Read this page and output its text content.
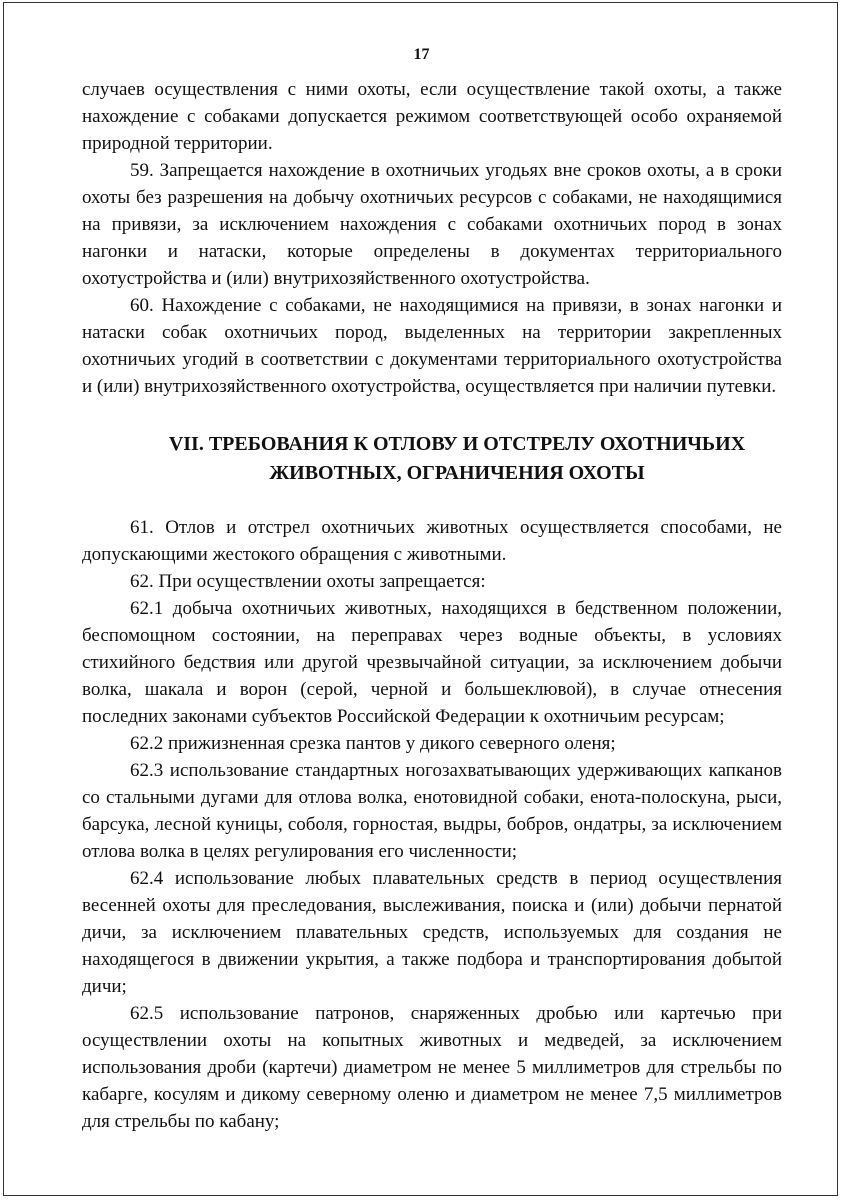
17

случаев осуществления с ними охоты, если осуществление такой охоты, а также нахождение с собаками допускается режимом соответствующей особо охраняемой природной территории.

59. Запрещается нахождение в охотничьих угодьях вне сроков охоты, а в сроки охоты без разрешения на добычу охотничьих ресурсов с собаками, не находящимися на привязи, за исключением нахождения с собаками охотничьих пород в зонах нагонки и натаски, которые определены в документах территориального охотустройства и (или) внутрихозяйственного охотустройства.

60. Нахождение с собаками, не находящимися на привязи, в зонах нагонки и натаски собак охотничьих пород, выделенных на территории закрепленных охотничьих угодий в соответствии с документами территориального охотустройства и (или) внутрихозяйственного охотустройства, осуществляется при наличии путевки.

VII. ТРЕБОВАНИЯ К ОТЛОВУ И ОТСТРЕЛУ ОХОТНИЧЬИХ
ЖИВОТНЫХ, ОГРАНИЧЕНИЯ ОХОТЫ

61. Отлов и отстрел охотничьих животных осуществляется способами, не допускающими жестокого обращения с животными.

62. При осуществлении охоты запрещается:

62.1 добыча охотничьих животных, находящихся в бедственном положении, беспомощном состоянии, на переправах через водные объекты, в условиях стихийного бедствия или другой чрезвычайной ситуации, за исключением добычи волка, шакала и ворон (серой, черной и большеклювой), в случае отнесения последних законами субъектов Российской Федерации к охотничьим ресурсам;

62.2 прижизненная срезка пантов у дикого северного оленя;

62.3 использование стандартных ногозахватывающих удерживающих капканов со стальными дугами для отлова волка, енотовидной собаки, енота-полоскуна, рыси, барсука, лесной куницы, соболя, горностая, выдры, бобров, ондатры, за исключением отлова волка в целях регулирования его численности;

62.4 использование любых плавательных средств в период осуществления весенней охоты для преследования, выслеживания, поиска и (или) добычи пернатой дичи, за исключением плавательных средств, используемых для создания не находящегося в движении укрытия, а также подбора и транспортирования добытой дичи;

62.5 использование патронов, снаряженных дробью или картечью при осуществлении охоты на копытных животных и медведей, за исключением использования дроби (картечи) диаметром не менее 5 миллиметров для стрельбы по кабарге, косулям и дикому северному оленю и диаметром не менее 7,5 миллиметров для стрельбы по кабану;
